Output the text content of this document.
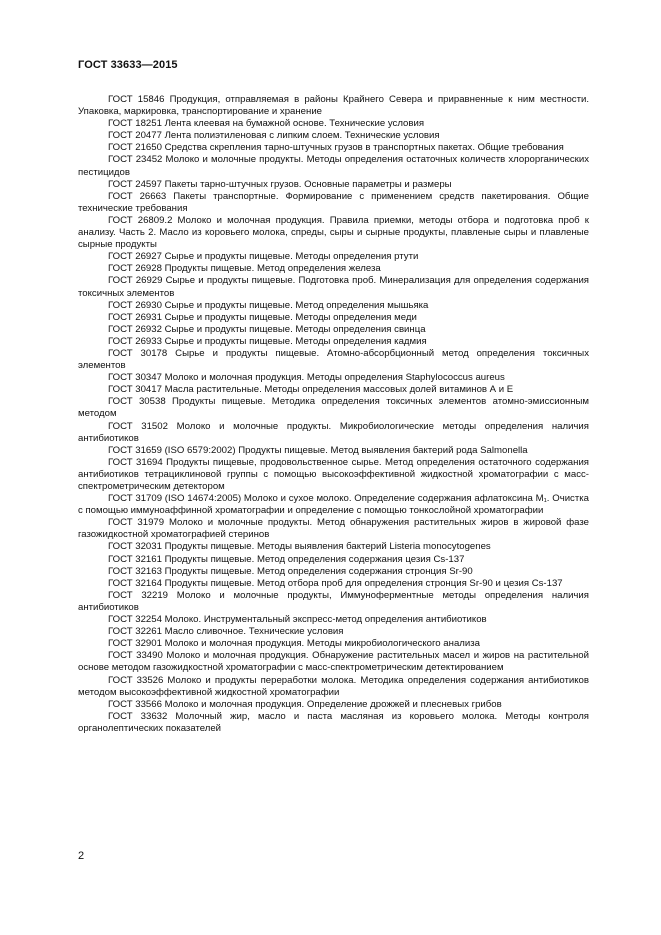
ГОСТ 33633—2015

ГОСТ 15846 Продукция, отправляемая в районы Крайнего Севера и приравненные к ним местности. Упаковка, маркировка, транспортирование и хранение

ГОСТ 18251 Лента клеевая на бумажной основе. Технические условия

ГОСТ 20477 Лента полиэтиленовая с липким слоем. Технические условия

ГОСТ 21650 Средства скрепления тарно-штучных грузов в транспортных пакетах. Общие требования

ГОСТ 23452 Молоко и молочные продукты. Методы определения остаточных количеств хлорорганических пестицидов

ГОСТ 24597 Пакеты тарно-штучных грузов. Основные параметры и размеры

ГОСТ 26663 Пакеты транспортные. Формирование с применением средств пакетирования. Общие технические требования

ГОСТ 26809.2 Молоко и молочная продукция. Правила приемки, методы отбора и подготовка проб к анализу. Часть 2. Масло из коровьего молока, спреды, сыры и сырные продукты, плавленые сыры и плавленые сырные продукты

ГОСТ 26927 Сырье и продукты пищевые. Методы определения ртути

ГОСТ 26928 Продукты пищевые. Метод определения железа

ГОСТ 26929 Сырье и продукты пищевые. Подготовка проб. Минерализация для определения содержания токсичных элементов

ГОСТ 26930 Сырье и продукты пищевые. Метод определения мышьяка

ГОСТ 26931 Сырье и продукты пищевые. Методы определения меди

ГОСТ 26932 Сырье и продукты пищевые. Методы определения свинца

ГОСТ 26933 Сырье и продукты пищевые. Методы определения кадмия

ГОСТ 30178 Сырье и продукты пищевые. Атомно-абсорбционный метод определения токсичных элементов

ГОСТ 30347 Молоко и молочная продукция. Методы определения Staphylococcus aureus

ГОСТ 30417 Масла растительные. Методы определения массовых долей витаминов А и Е

ГОСТ 30538 Продукты пищевые. Методика определения токсичных элементов атомно-эмиссионным методом

ГОСТ 31502 Молоко и молочные продукты. Микробиологические методы определения наличия антибиотиков

ГОСТ 31659 (ISO 6579:2002) Продукты пищевые. Метод выявления бактерий рода Salmonella

ГОСТ 31694 Продукты пищевые, продовольственное сырье. Метод определения остаточного содержания антибиотиков тетрациклиновой группы с помощью высокоэффективной жидкостной хроматографии с масс-спектрометрическим детектором

ГОСТ 31709 (ISO 14674:2005) Молоко и сухое молоко. Определение содержания афлатоксина M₁. Очистка с помощью иммуноаффинной хроматографии и определение с помощью тонкослойной хроматографии

ГОСТ 31979 Молоко и молочные продукты. Метод обнаружения растительных жиров в жировой фазе газожидкостной хроматографией стеринов

ГОСТ 32031 Продукты пищевые. Методы выявления бактерий Listeria monocytogenes

ГОСТ 32161 Продукты пищевые. Метод определения содержания цезия Cs-137

ГОСТ 32163 Продукты пищевые. Метод определения содержания стронция Sr-90

ГОСТ 32164 Продукты пищевые. Метод отбора проб для определения стронция Sr-90 и цезия Cs-137

ГОСТ 32219 Молоко и молочные продукты, Иммуноферментные методы определения наличия антибиотиков

ГОСТ 32254 Молоко. Инструментальный экспресс-метод определения антибиотиков

ГОСТ 32261 Масло сливочное. Технические условия

ГОСТ 32901 Молоко и молочная продукция. Методы микробиологического анализа

ГОСТ 33490 Молоко и молочная продукция. Обнаружение растительных масел и жиров на растительной основе методом газожидкостной хроматографии с масс-спектрометрическим детектированием

ГОСТ 33526 Молоко и продукты переработки молока. Методика определения содержания антибиотиков методом высокоэффективной жидкостной хроматографии

ГОСТ 33566 Молоко и молочная продукция. Определение дрожжей и плесневых грибов

ГОСТ 33632 Молочный жир, масло и паста масляная из коровьего молока. Методы контроля органолептических показателей

2
